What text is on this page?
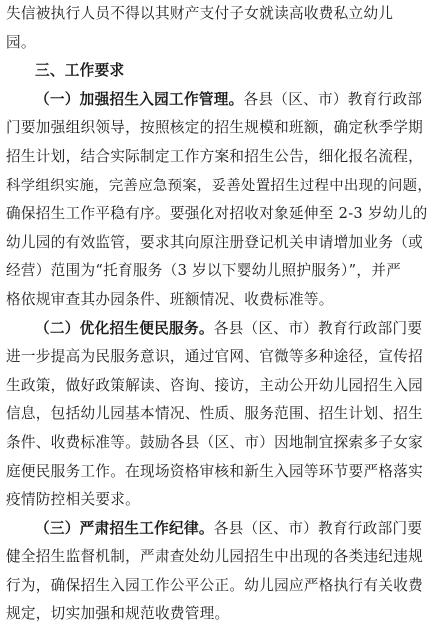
失信被执行人员不得以其财产支付子女就读高收费私立幼儿
园。
三、工作要求
（一）加强招生入园工作管理。各县（区、市）教育行政部
门要加强组织领导，按照核定的招生规模和班额，确定秋季学期
招生计划，结合实际制定工作方案和招生公告，细化报名流程，
科学组织实施，完善应急预案，妥善处置招生过程中出现的问题，
确保招生工作平稳有序。要强化对招收对象延伸至 2-3 岁幼儿的
幼儿园的有效监管，要求其向原注册登记机关申请增加业务（或
经营）范围为“托育服务（3 岁以下婴幼儿照护服务）”，并严
格依规审查其办园条件、班额情况、收费标准等。
（二）优化招生便民服务。各县（区、市）教育行政部门要
进一步提高为民服务意识，通过官网、官微等多种途径，宣传招
生政策，做好政策解读、咨询、接访，主动公开幼儿园招生入园
信息，包括幼儿园基本情况、性质、服务范围、招生计划、招生
条件、收费标准等。鼓励各县（区、市）因地制宜探索多子女家
庭便民服务工作。在现场资格审核和新生入园等环节要严格落实
疫情防控相关要求。
（三）严肃招生工作纪律。各县（区、市）教育行政部门要
健全招生监督机制，严肃查处幼儿园招生中出现的各类违纪违规
行为，确保招生入园工作公平公正。幼儿园应严格执行有关收费
规定，切实加强和规范收费管理。
